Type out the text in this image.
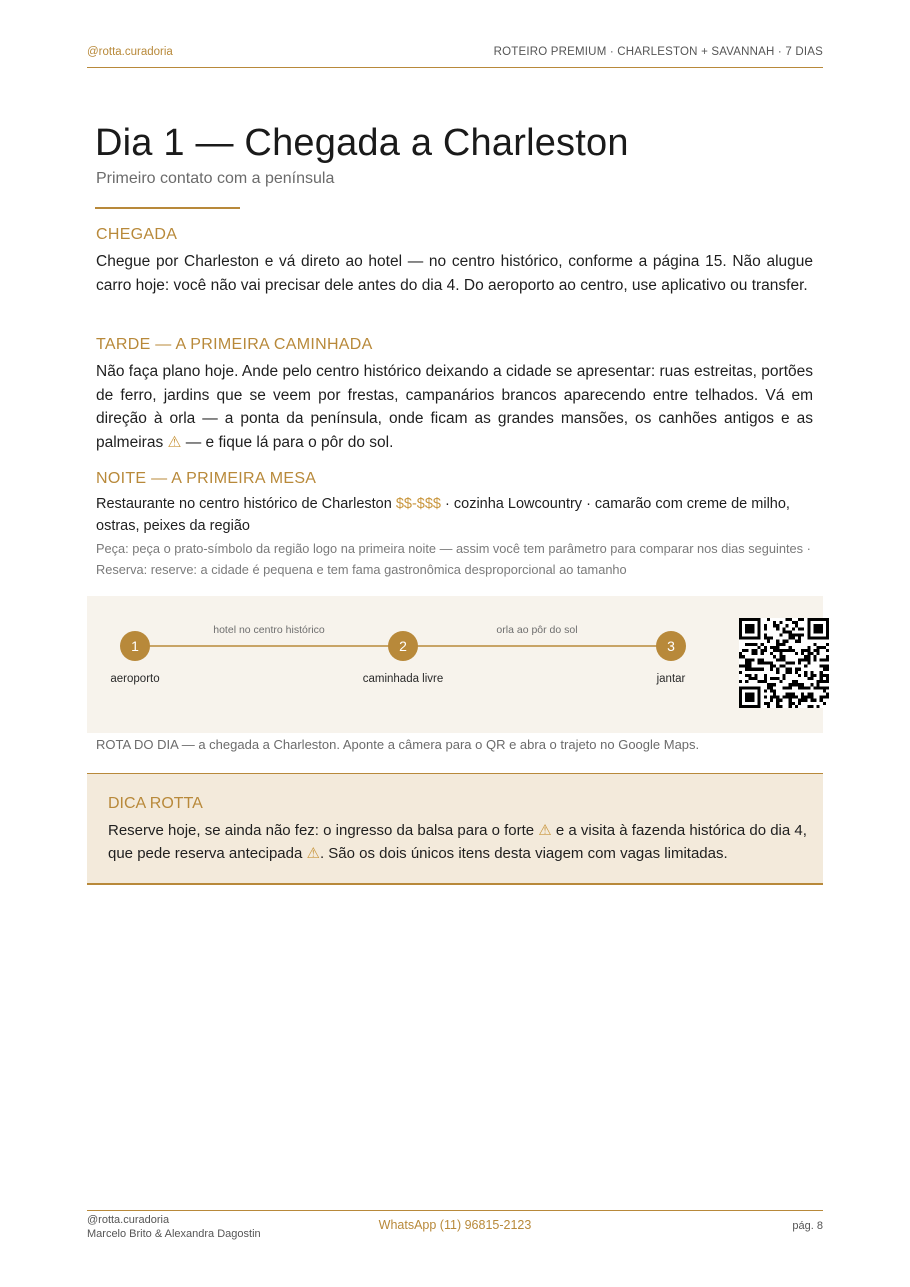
@rotta.curadoria	ROTEIRO PREMIUM · CHARLESTON + SAVANNAH · 7 DIAS
Dia 1 — Chegada a Charleston
Primeiro contato com a península
CHEGADA
Chegue por Charleston e vá direto ao hotel — no centro histórico, conforme a página 15. Não alugue carro hoje: você não vai precisar dele antes do dia 4. Do aeroporto ao centro, use aplicativo ou transfer.
TARDE — A PRIMEIRA CAMINHADA
Não faça plano hoje. Ande pelo centro histórico deixando a cidade se apresentar: ruas estreitas, portões de ferro, jardins que se veem por frestas, campanários brancos aparecendo entre telhados. Vá em direção à orla — a ponta da península, onde ficam as grandes mansões, os canhões antigos e as palmeiras ⚠ — e fique lá para o pôr do sol.
NOITE — A PRIMEIRA MESA
Restaurante no centro histórico de Charleston $$-$$$ · cozinha Lowcountry · camarão com creme de milho, ostras, peixes da região
Peça: peça o prato-símbolo da região logo na primeira noite — assim você tem parâmetro para comparar nos dias seguintes · Reserva: reserve: a cidade é pequena e tem fama gastronômica desproporcional ao tamanho
hotel no centro histórico	orla ao pôr do sol
1	2	3
aeroporto	caminhada livre	jantar
ROTA DO DIA — a chegada a Charleston. Aponte a câmera para o QR e abra o trajeto no Google Maps.
DICA ROTTA
Reserve hoje, se ainda não fez: o ingresso da balsa para o forte ⚠ e a visita à fazenda histórica do dia 4, que pede reserva antecipada ⚠. São os dois únicos itens desta viagem com vagas limitadas.
@rotta.curadoria
Marcelo Brito & Alexandra Dagostin
WhatsApp (11) 96815-2123	pág. 8
